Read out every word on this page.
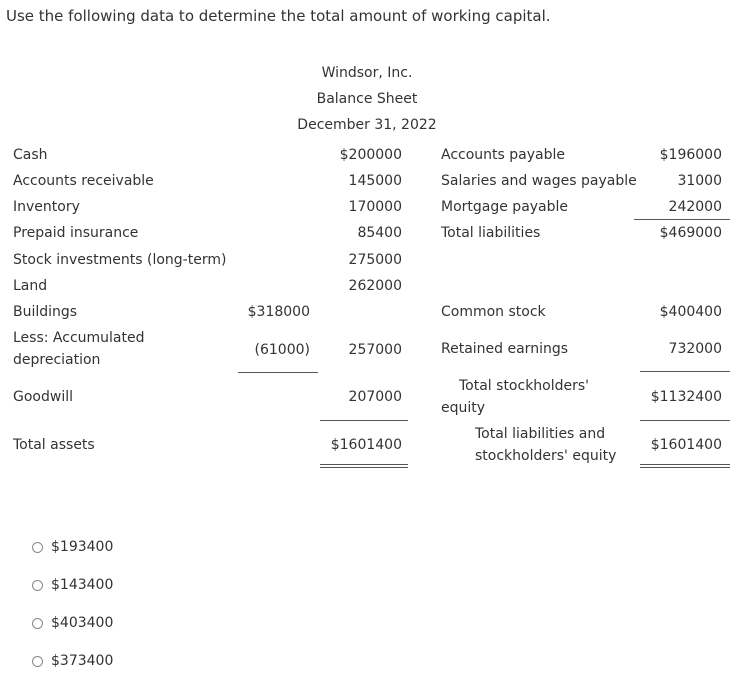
Use the following data to determine the total amount of working capital.
Windsor, Inc.
Balance Sheet
December 31, 2022
Cash
Accounts receivable
Inventory
Prepaid insurance
Stock investments (long-term)
Land
Buildings
Less: Accumulated
depreciation
Goodwill
Total assets
$318000
(61000)
$200000
145000
170000
85400
275000
262000
257000
207000
$1601400
Accounts payable
Salaries and wages payable
Mortgage payable
Total liabilities
$196000
31000
242000
$469000
Common stock
Retained earnings
Total stockholders'
equity
Total liabilities and
stockholders' equity
$400400
732000
$1132400
$1601400
$193400
$143400
$403400
$373400
